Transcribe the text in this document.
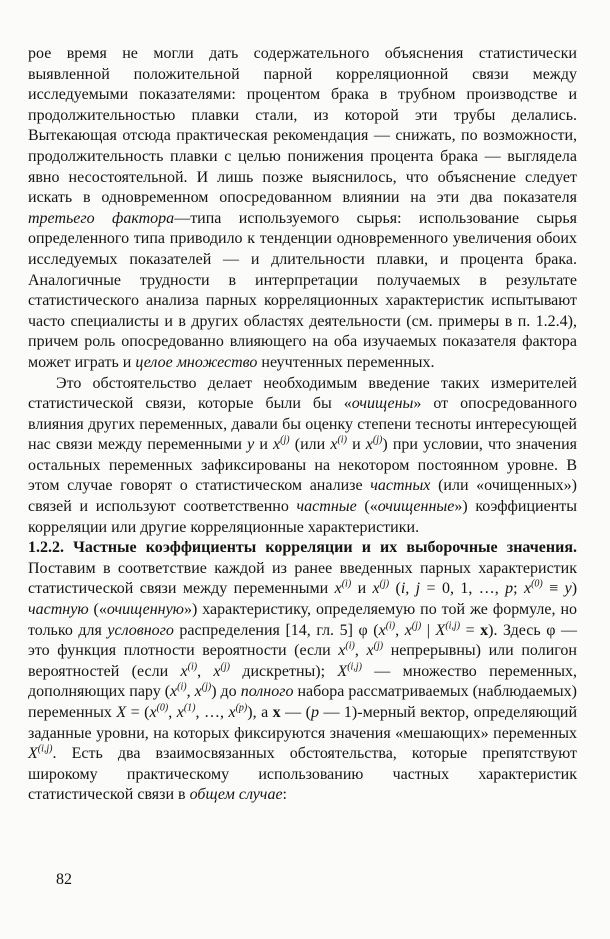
рое время не могли дать содержательного объяснения статистически выявленной положительной парной корреляционной связи между исследуемыми показателями: процентом брака в трубном производстве и продолжительностью плавки стали, из которой эти трубы делались. Вытекающая отсюда практическая рекомендация — снижать, по возможности, продолжительность плавки с целью понижения процента брака — выглядела явно несостоятельной. И лишь позже выяснилось, что объяснение следует искать в одновременном опосредованном влиянии на эти два показателя третьего фактора—типа используемого сырья: использование сырья определенного типа приводило к тенденции одновременного увеличения обоих исследуемых показателей — и длительности плавки, и процента брака. Аналогичные трудности в интерпретации получаемых в результате статистического анализа парных корреляционных характеристик испытывают часто специалисты и в других областях деятельности (см. примеры в п. 1.2.4), причем роль опосредованно влияющего на оба изучаемых показателя фактора может играть и целое множество неучтенных переменных.

Это обстоятельство делает необходимым введение таких измерителей статистической связи, которые были бы «очищены» от опосредованного влияния других переменных, давали бы оценку степени тесноты интересующей нас связи между переменными y и $x^{(j)}$ (или $x^{(i)}$ и $x^{(j)}$) при условии, что значения остальных переменных зафиксированы на некотором постоянном уровне. В этом случае говорят о статистическом анализе частных (или «очищенных») связей и используют соответственно частные («очищенные») коэффициенты корреляции или другие корреляционные характеристики.

1.2.2. Частные коэффициенты корреляции и их выборочные значения. Поставим в соответствие каждой из ранее введенных парных характеристик статистической связи между переменными $x^{(i)}$ и $x^{(j)}$ (i, j = 0, 1, …, p; $x^{(0)} \equiv y$) частную («очищенную») характеристику, определяемую по той же формуле, но только для условного распределения [14, гл. 5] φ ($x^{(i)}$, $x^{(j)}$ | X$^{(i,j)}$ = x). Здесь φ — это функция плотности вероятности (если $x^{(i)}$, $x^{(j)}$ непрерывны) или полигон вероятностей (если $x^{(i)}$, $x^{(j)}$ дискретны); X$^{(i,j)}$ — множество переменных, дополняющих пару ($x^{(i)}$, $x^{(j)}$) до полного набора рассматриваемых (наблюдаемых) переменных $X = (x^{(0)}$, $x^{(1)}$, …, $x^{(p)}$), а x — (p — 1)-мерный вектор, определяющий заданные уровни, на которых фиксируются значения «мешающих» переменных X$^{(i,j)}$. Есть два взаимосвязанных обстоятельства, которые препятствуют широкому практическому использованию частных характеристик статистической связи в общем случае:

82
